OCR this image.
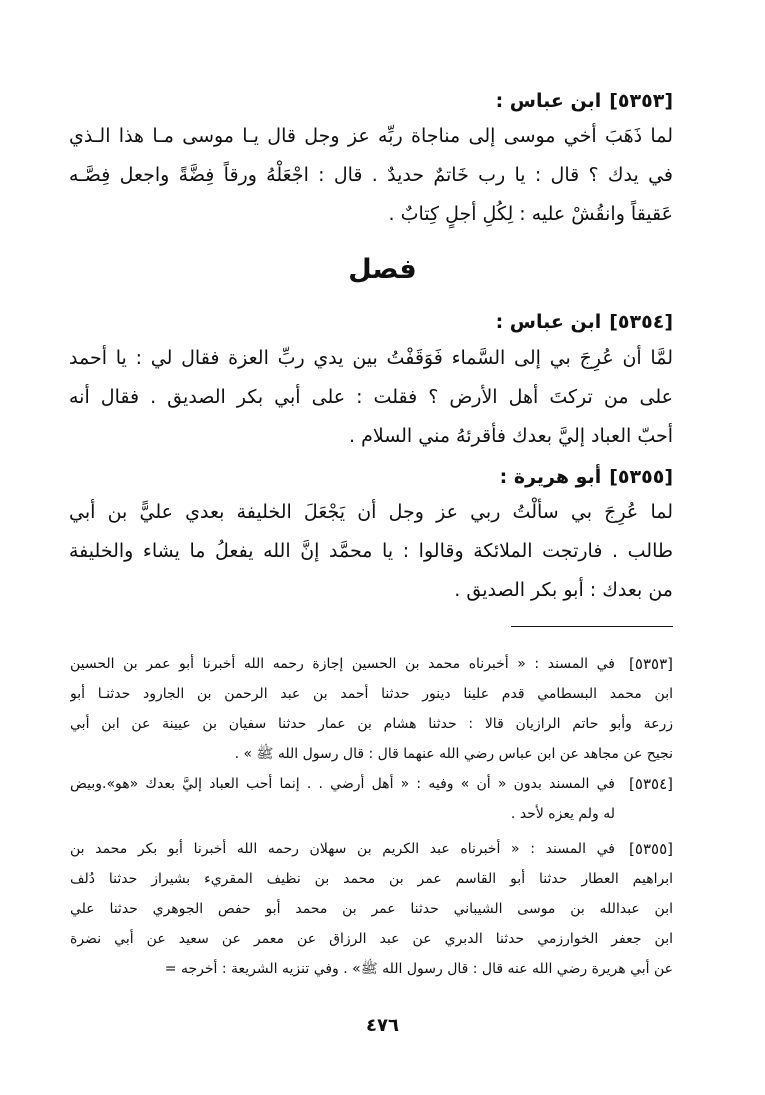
[٥٣٥٣]ابن عباس :
لما ذَهَبَ أخي موسى إلى مناجاة ربِّه عز وجل قال يـا موسى مـا هذا الـذي
في يدك ؟ قال : يا رب خَاتمٌ حديدٌ . قال : اجْعَلْهُ ورقاً فِضَّةً واجعل فِصَّـه
عَقيقاً وانقُشْ عليه : لِكُلِ أجلٍ كِتابٌ .
فصل
[٥٣٥٤]ابن عباس :
لمَّا أن عُرِجَ بي إلى السَّماء فَوَقَفْتُ بين يدي ربِّ العزة فقال لي : يا أحمد
على من تركتَ أهل الأرض ؟ فقلت : على أبي بكر الصديق . فقال أنه
أحبّ العباد إليَّ بعدك فأقرئهُ مني السلام .
[٥٣٥٥]أبو هريرة :
لما عُرِجَ بي سألْتُ ربي عز وجل أن يَجْعَلَ الخليفة بعدي عليًّ بن أبي
طالب . فارتجت الملائكة وقالوا : يا محمَّد إنَّ الله يفعلُ ما يشاء والخليفة
من بعدك : أبو بكر الصديق .
[٥٣٥٣]
في المسند : « أخبرناه محمد بن الحسين إجازة رحمه الله أخبرنا أبو عمر بن الحسين
ابن محمد البسطامي قدم علينا دينور حدثنا أحمد بن عبد الرحمن بن الجارود حدثنـا أبو
زرعة وأبو حاتم الرازيان قالا : حدثنا هشام بن عمار حدثنا سفيان بن عيينة عن ابن أبي
نجيح عن مجاهد عن ابن عباس رضي الله عنهما قال : قال رسول الله ﷺ » .
[٥٣٥٤]
في المسند بدون « أن » وفيه : « أهل أرضي . . إنما أحب العباد إليَّ بعدك «هو».وبيض
له ولم يعزه لأحد .
[٥٣٥٥]
في المسند : « أخبرناه عبد الكريم بن سهلان رحمه الله أخبرنا أبو بكر محمد بن
ابراهيم العطار حدثنا أبو القاسم عمر بن محمد بن نظيف المقريء بشيراز حدثنا دُلف
ابن عبدالله بن موسى الشيباني حدثنا عمر بن محمد أبو حفص الجوهري حدثنا علي
ابن جعفر الخوارزمي حدثنا الدبري عن عبد الرزاق عن معمر عن سعيد عن أبي نضرة
عن أبي هريرة رضي الله عنه قال : قال رسول الله ﷺ» . وفي تنزيه الشريعة : أخرجه =
٤٧٦
